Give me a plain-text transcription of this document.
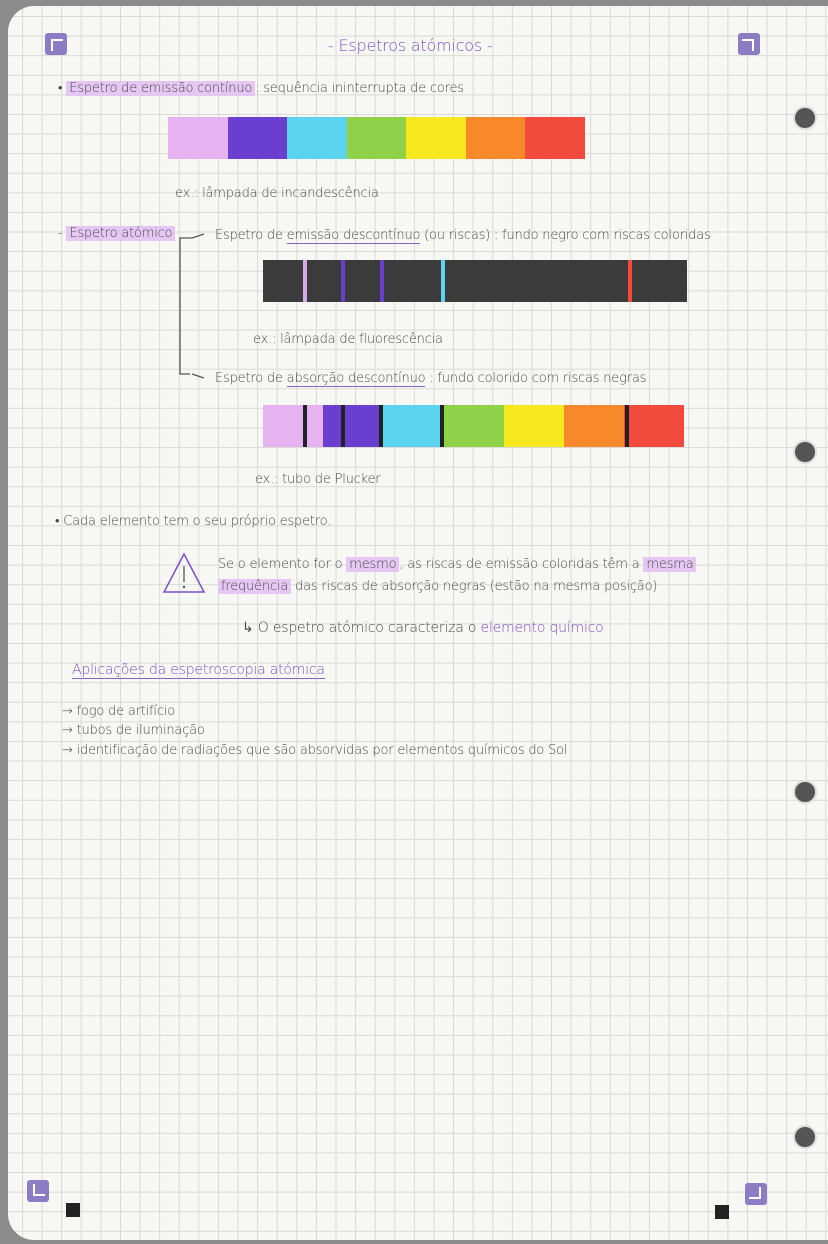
- Espetros atómicos -
• Espetro de emissão contínuo : sequência ininterrupta de cores
ex.: lâmpada de incandescência
- Espetro atómico	Espetro de emissão descontínuo (ou riscas) : fundo negro com riscas coloridas
ex.: lâmpada de fluorescência
Espetro de absorção descontínuo : fundo colorido com riscas negras
ex.: tubo de Plucker
• Cada elemento tem o seu próprio espetro.
Se o elemento for o mesmo , as riscas de emissão coloridas têm a mesma
frequência das riscas de absorção negras (estão na mesma posição)
↳ O espetro atómico caracteriza o elemento químico
Aplicações da espetroscopia atómica
→ fogo de artifício
→ tubos de iluminação
→ identificação de radiações que são absorvidas por elementos químicos do Sol
